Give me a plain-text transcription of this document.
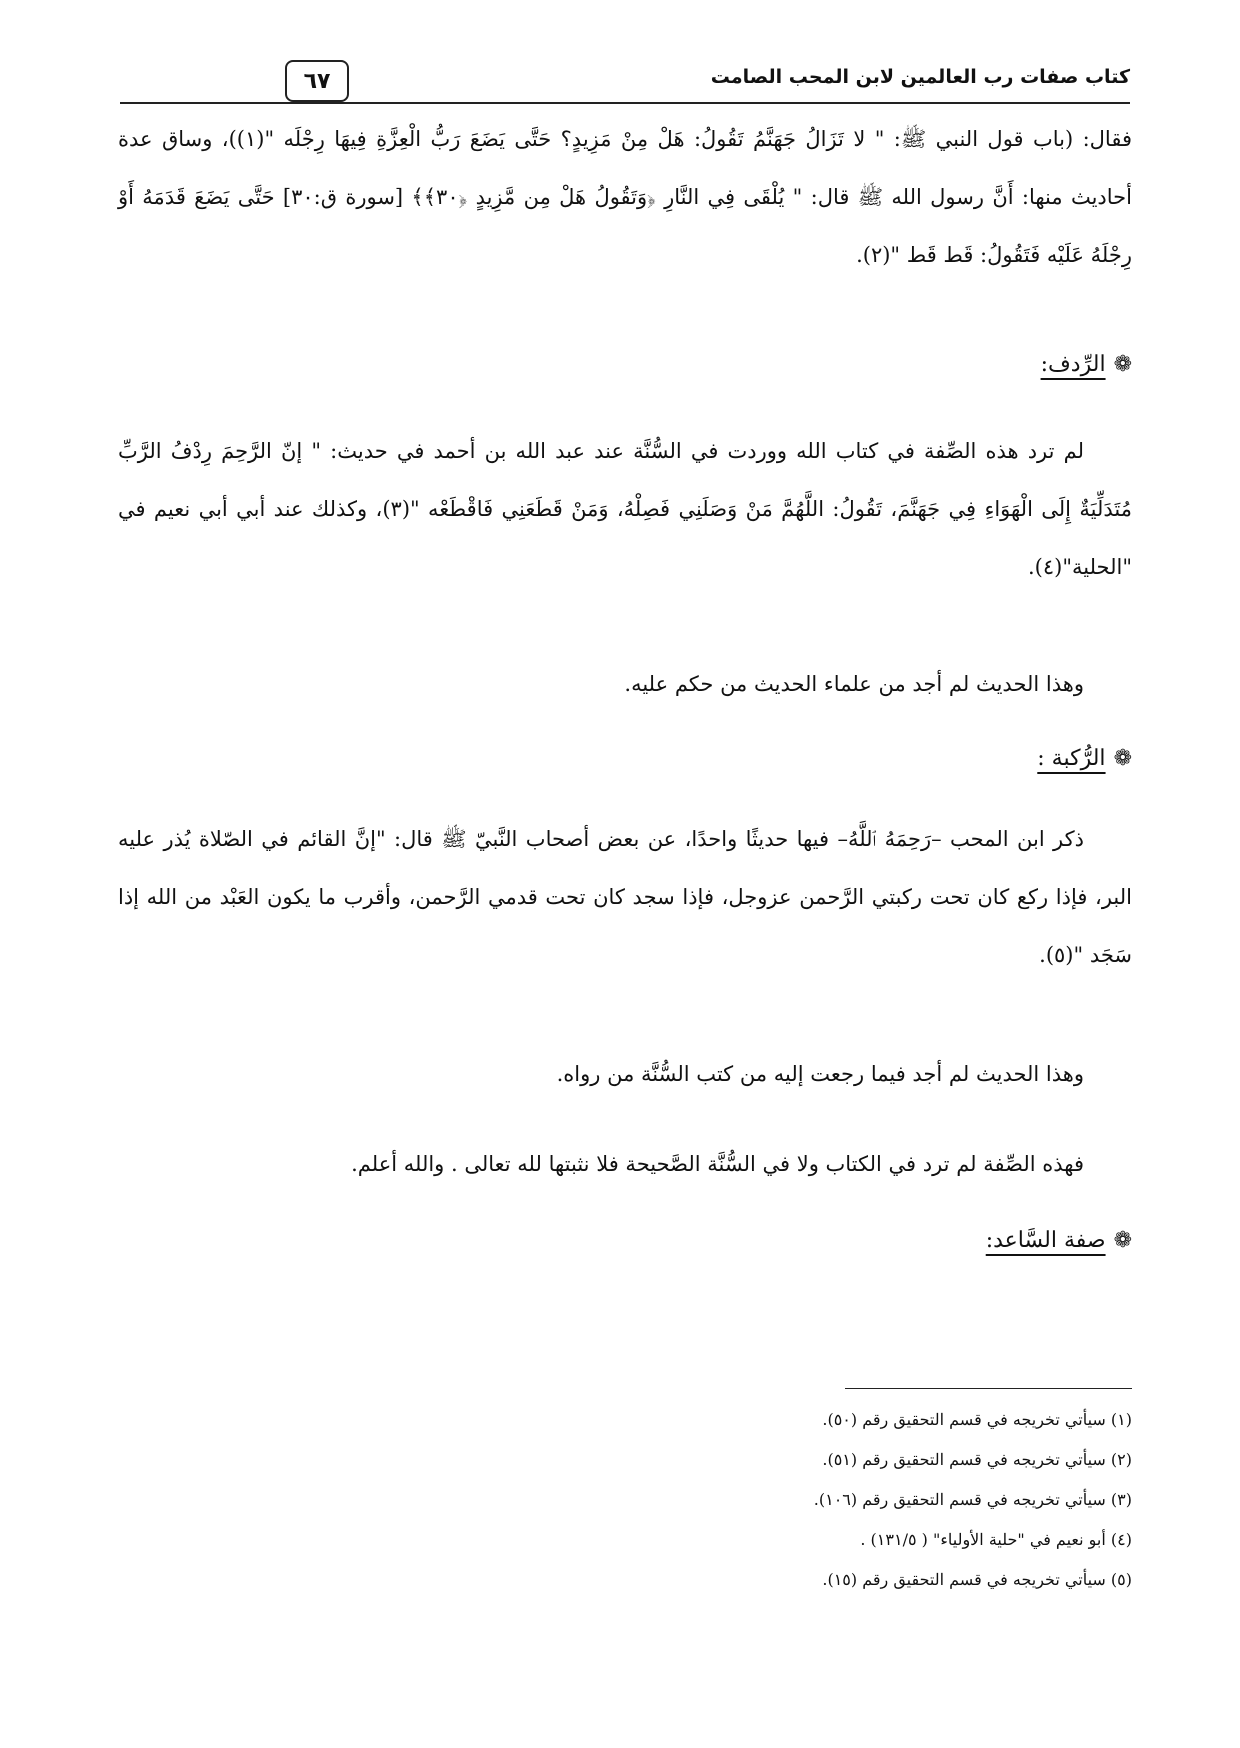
٦٧	كتاب صفات رب العالمين لابن المحب الصامت

فقال: (باب قول النبي ﷺ: " لا تَزَالُ جَهَنَّمُ تَقُولُ: هَلْ مِنْ مَزِيدٍ؟ حَتَّى يَضَعَ رَبُّ الْعِزَّةِ فِيهَا رِجْلَه "(١))، وساق عدة أحاديث منها: أَنَّ رسول الله ﷺ قال: " يُلْقَى فِي النَّارِ ﴿وَتَقُولُ هَلْ مِن مَّزِيدٍ ﴿٣٠﴾﴾ [سورة ق:٣٠] حَتَّى يَضَعَ قَدَمَهُ أَوْ رِجْلَهُ عَلَيْه فَتَقُولُ: قَط قَط "(٢).

❁الرِّدف:

لم ترد هذه الصِّفة في كتاب الله ووردت في السُّنَّة عند عبد الله بن أحمد في حديث: " إنّ الرَّحِمَ رِدْفُ الرَّبِّ مُتَدَلِّيَةٌ إِلَى الْهَوَاءِ فِي جَهَنَّمَ، تَقُولُ: اللَّهُمَّ مَنْ وَصَلَنِي فَصِلْهُ، وَمَنْ قَطَعَنِي فَاقْطَعْه "(٣)، وكذلك عند أبي أبي نعيم في "الحلية"(٤).

وهذا الحديث لم أجد من علماء الحديث من حكم عليه.

❁الرُّكبة :

ذكر ابن المحب –رَحِمَهُ ٱللَّهُ– فيها حديثًا واحدًا، عن بعض أصحاب النَّبيّ ﷺ قال: "إنَّ القائم في الصّلاة يُذر عليه البر، فإذا ركع كان تحت ركبتي الرَّحمن عزوجل، فإذا سجد كان تحت قدمي الرَّحمن، وأقرب ما يكون العَبْد من الله إذا سَجَد "(٥).

وهذا الحديث لم أجد فيما رجعت إليه من كتب السُّنَّة من رواه.

فهذه الصِّفة لم ترد في الكتاب ولا في السُّنَّة الصَّحيحة فلا نثبتها لله تعالى . والله أعلم.

❁صفة السَّاعد:
(١) سيأتي تخريجه في قسم التحقيق رقم (٥٠).
(٢) سيأتي تخريجه في قسم التحقيق رقم (٥١).
(٣) سيأتي تخريجه في قسم التحقيق رقم (١٠٦).
(٤) أبو نعيم في "حلية الأولياء" ( ١٣١/٥) .
(٥) سيأتي تخريجه في قسم التحقيق رقم (١٥).
